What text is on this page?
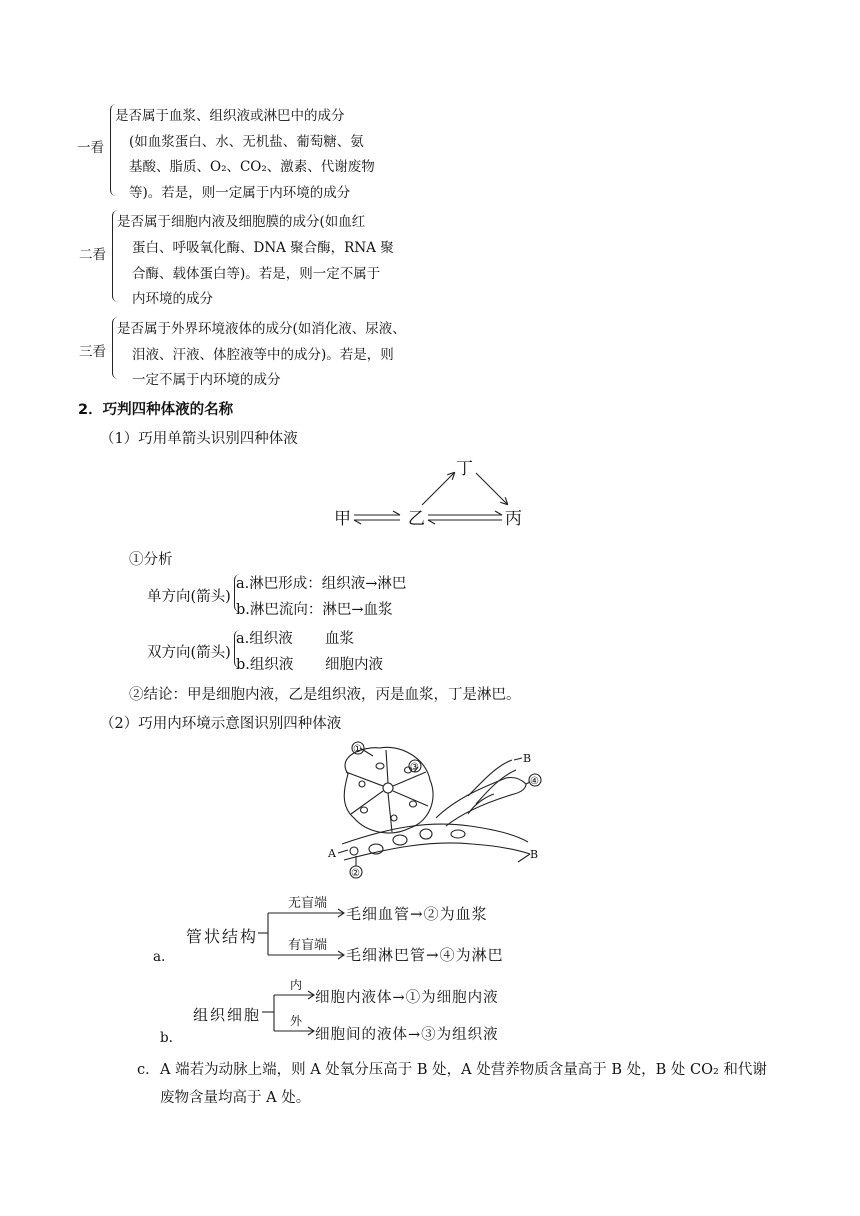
一看
是否属于血浆、组织液或淋巴中的成分
(如血浆蛋白、水、无机盐、葡萄糖、氨
基酸、脂质、O₂、CO₂、激素、代谢废物
等)。若是，则一定属于内环境的成分
二看
是否属于细胞内液及细胞膜的成分(如血红
蛋白、呼吸氧化酶、DNA 聚合酶，RNA 聚
合酶、载体蛋白等)。若是，则一定不属于
内环境的成分
三看
是否属于外界环境液体的成分(如消化液、尿液、
泪液、汗液、体腔液等中的成分)。若是，则
一定不属于内环境的成分
2．巧判四种体液的名称
（1）巧用单箭头识别四种体液
甲	乙	丙
丁
①分析
单方向(箭头)
a.淋巴形成：组织液→淋巴
b.淋巴流向：淋巴→血浆
双方向(箭头)
a.组织液 血浆
b.组织液 细胞内液
②结论：甲是细胞内液，乙是组织液，丙是血浆，丁是淋巴。
（2）巧用内环境示意图识别四种体液
①
③
④
②
A
B
B
a.
管状结构
无盲端
毛细血管→②为血浆
有盲端
毛细淋巴管→④为淋巴
b.
组织细胞
内
细胞内液体→①为细胞内液
外
细胞间的液体→③为组织液
c． A 端若为动脉上端，则 A 处氧分压高于 B 处，A 处营养物质含量高于 B 处，B 处 CO₂ 和代谢
废物含量均高于 A 处。
